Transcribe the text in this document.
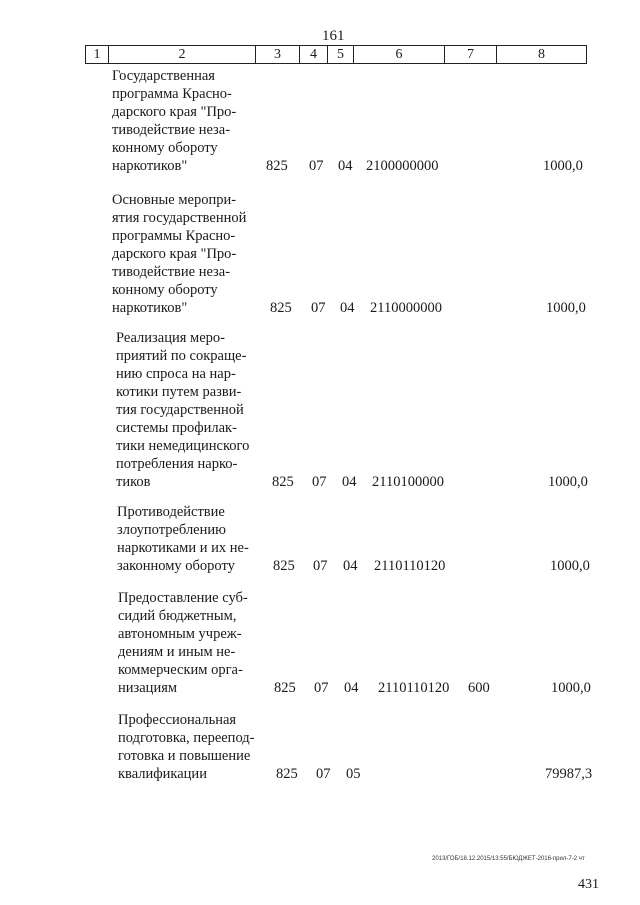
161
1	2	3	4	5	6	7	8
Государственная
программа Красно-
дарского края "Про-
тиводействие неза-
конному обороту
наркотиков"	825 07 04 2100000000	1000,0
Основные меропри-
ятия государственной
программы Красно-
дарского края "Про-
тиводействие неза-
конному обороту
наркотиков"	825 07 04 2110000000	1000,0
Реализация меро-
приятий по сокраще-
нию спроса на нар-
котики путем разви-
тия государственной
системы профилак-
тики немедицинского
потребления нарко-
тиков	825 07 04 2110100000	1000,0
Противодействие
злоупотреблению
наркотиками и их не-
законному обороту	825 07 04 2110110120	1000,0
Предоставление суб-
сидий бюджетным,
автономным учреж-
дениям и иным не-
коммерческим орга-
низациям	825 07 04 2110110120 600	1000,0
Профессиональная
подготовка, переепод-
готовка и повышение
квалификации	825 07 05	79987,3
2013/ГОБ/18.12.2015/13:55/БЮДЖЕТ-2016-прил-7-2 чт
431
